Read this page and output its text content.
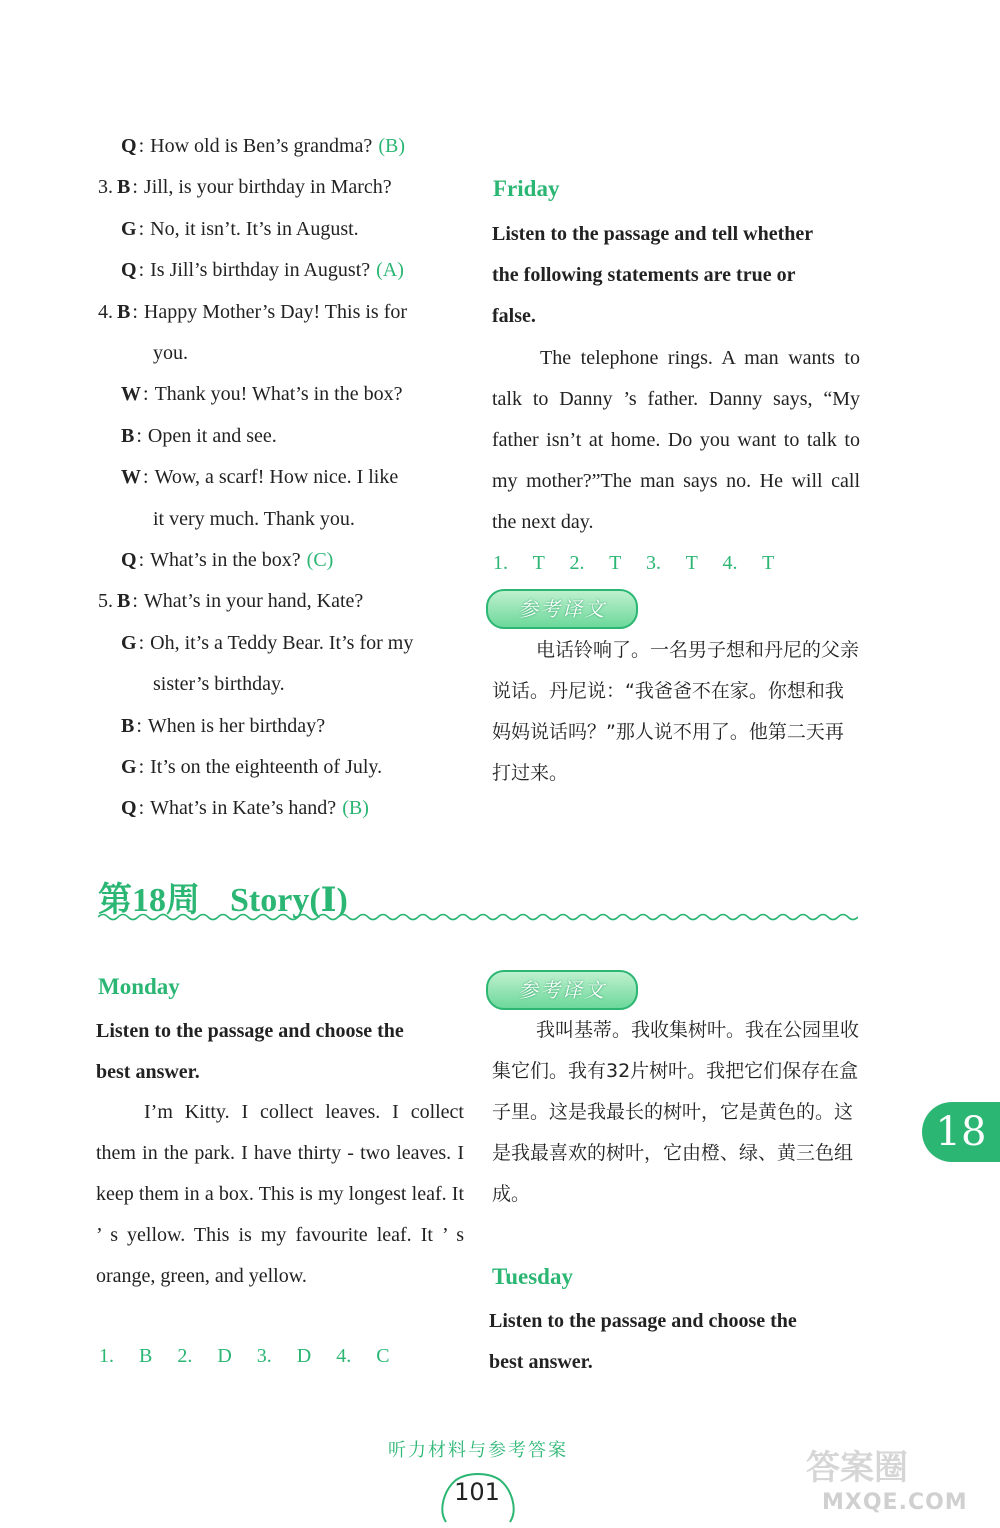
Q : How old is Ben’s grandma? (B)
3. B : Jill, is your birthday in March?
G : No, it isn’t. It’s in August.
Q : Is Jill’s birthday in August? (A)
4. B : Happy Mother’s Day! This is for
you.
W : Thank you! What’s in the box?
B : Open it and see.
W : Wow, a scarf! How nice. I like
it very much. Thank you.
Q : What’s in the box? (C)
5. B : What’s in your hand, Kate?
G : Oh, it’s a Teddy Bear. It’s for my
sister’s birthday.
B : When is her birthday?
G : It’s on the eighteenth of July.
Q : What’s in Kate’s hand? (B)
Friday
Listen to the passage and tell whether
the following statements are true or
false.
The telephone rings. A man wants to talk to Danny ’s father. Danny says, “My father isn’t at home. Do you want to talk to my mother?”The man says no. He will call the next day.
1. T 2. T 3. T 4. T
参考译文
电话铃响了。一名男子想和丹尼的父亲说话。丹尼说：“我爸爸不在家。你想和我妈妈说话吗？”那人说不用了。他第二天再打过来。
第18周 Story(Ⅰ)
Monday
Listen to the passage and choose the
best answer.
I’m Kitty. I collect leaves. I collect them in the park. I have thirty - two leaves. I keep them in a box. This is my longest leaf. It ’ s yellow. This is my favourite leaf. It ’ s orange, green, and yellow.
1. B 2. D 3. D 4. C
参考译文
我叫基蒂。我收集树叶。我在公园里收集它们。我有32片树叶。我把它们保存在盒子里。这是我最长的树叶，它是黄色的。这是我最喜欢的树叶，它由橙、绿、黄三色组成。
Tuesday
Listen to the passage and choose the
best answer.
18
听力材料与参考答案
101
答案圈
MXQE.COM
